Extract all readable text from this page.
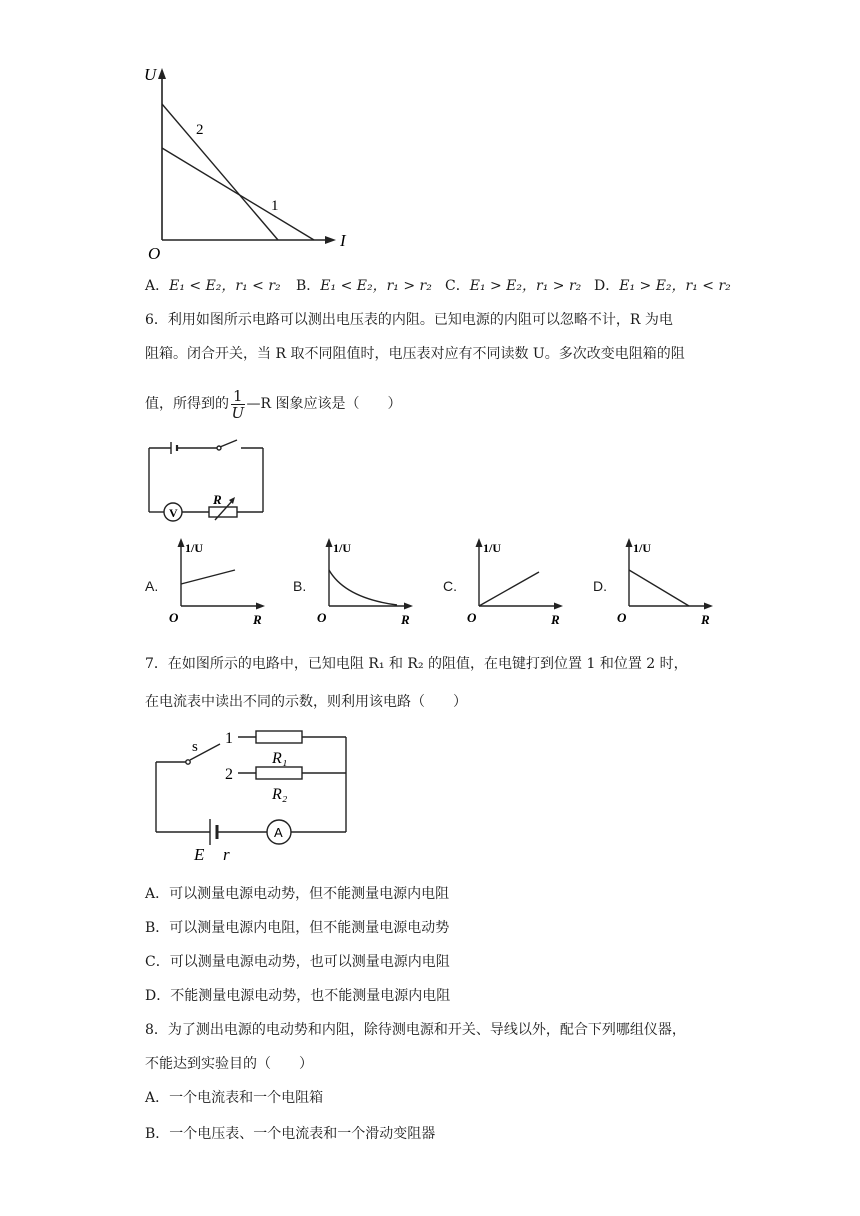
U
I
O
2
1
A．E₁ < E₂，r₁ < r₂ B．E₁ < E₂，r₁ > r₂ C．E₁ > E₂，r₁ > r₂ D．E₁ > E₂，r₁ < r₂
6．利用如图所示电路可以测出电压表的内阻。已知电源的内阻可以忽略不计，R 为电
阻箱。闭合开关，当 R 取不同阻值时，电压表对应有不同读数 U。多次改变电阻箱的阻
值，所得到的 $\frac{1}{U}$ —R 图象应该是（　　）
V
R
A.
1/U
R
O
B.
1/U
R
O
C.
1/U
R
O
D.
1/U
R
O
7．在如图所示的电路中，已知电阻 R₁ 和 R₂ 的阻值，在电键打到位置 1 和位置 2 时，
在电流表中读出不同的示数，则利用该电路（　　）
s 1
2
R₁
R₂
A
E r
A．可以测量电源电动势，但不能测量电源内电阻
B．可以测量电源内电阻，但不能测量电源电动势
C．可以测量电源电动势，也可以测量电源内电阻
D．不能测量电源电动势，也不能测量电源内电阻
8．为了测出电源的电动势和内阻，除待测电源和开关、导线以外，配合下列哪组仪器，
不能达到实验目的（　　）
A．一个电流表和一个电阻箱
B．一个电压表、一个电流表和一个滑动变阻器
